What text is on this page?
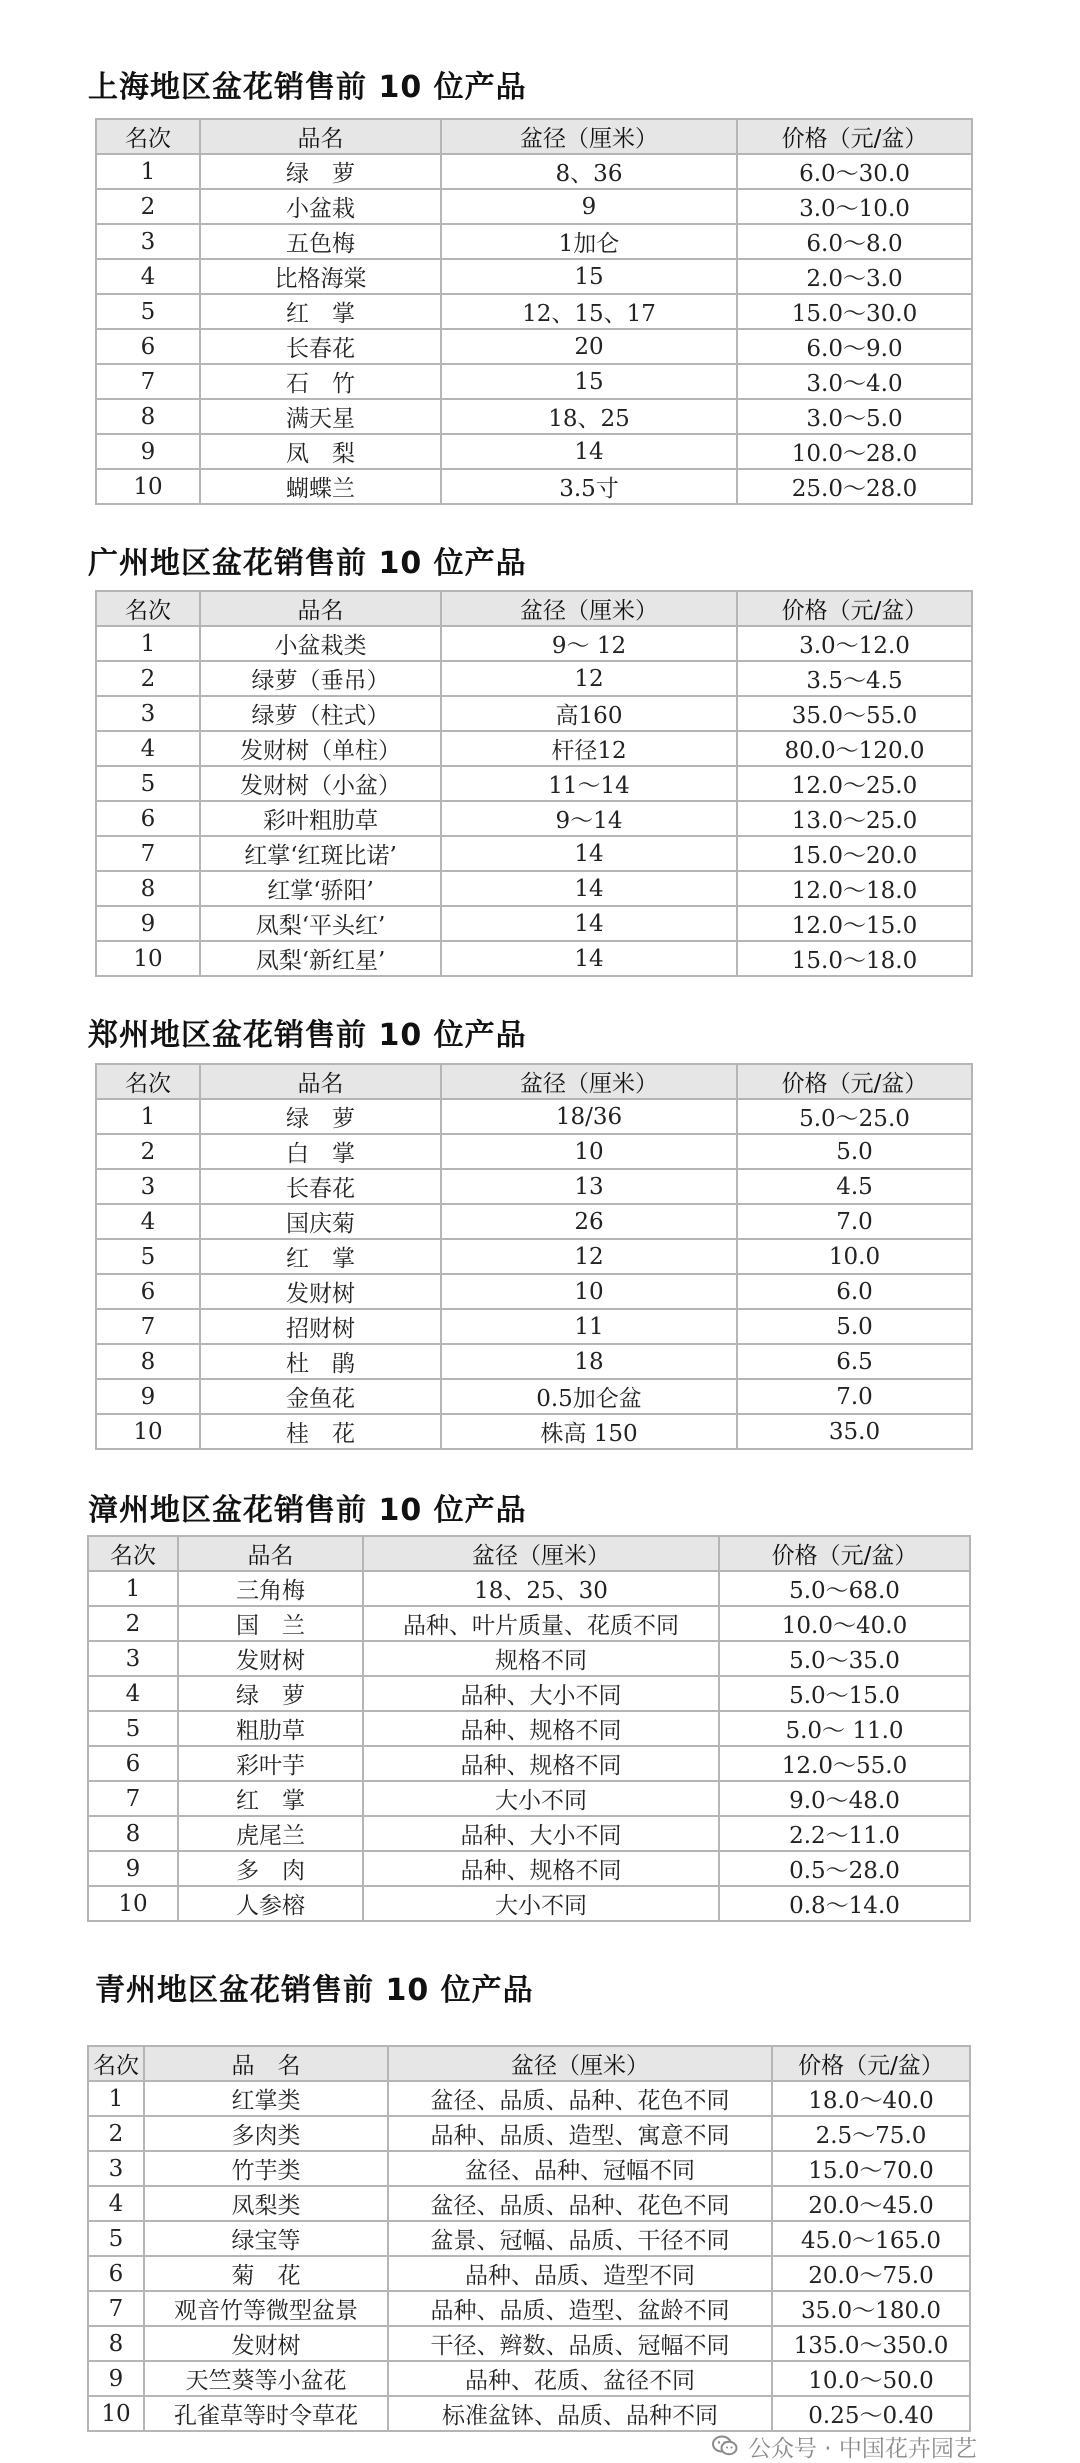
上海地区盆花销售前 10 位产品
名次	品名	盆径（厘米）	价格（元/盆）
1	绿　萝	8、36	6.0～30.0
2	小盆栽	9	3.0～10.0
3	五色梅	1加仑	6.0～8.0
4	比格海棠	15	2.0～3.0
5	红　掌	12、15、17	15.0～30.0
6	长春花	20	6.0～9.0
7	石　竹	15	3.0～4.0
8	满天星	18、25	3.0～5.0
9	凤　梨	14	10.0～28.0
10	蝴蝶兰	3.5寸	25.0～28.0
广州地区盆花销售前 10 位产品
名次	品名	盆径（厘米）	价格（元/盆）
1	小盆栽类	9～ 12	3.0～12.0
2	绿萝（垂吊）	12	3.5～4.5
3	绿萝（柱式）	高160	35.0～55.0
4	发财树（单柱）	杆径12	80.0～120.0
5	发财树（小盆）	11～14	12.0～25.0
6	彩叶粗肋草	9～14	13.0～25.0
7	红掌‘红斑比诺’	14	15.0～20.0
8	红掌‘骄阳’	14	12.0～18.0
9	凤梨‘平头红’	14	12.0～15.0
10	凤梨‘新红星’	14	15.0～18.0
郑州地区盆花销售前 10 位产品
名次	品名	盆径（厘米）	价格（元/盆）
1	绿　萝	18/36	5.0～25.0
2	白　掌	10	5.0
3	长春花	13	4.5
4	国庆菊	26	7.0
5	红　掌	12	10.0
6	发财树	10	6.0
7	招财树	11	5.0
8	杜　鹃	18	6.5
9	金鱼花	0.5加仑盆	7.0
10	桂　花	株高 150	35.0
漳州地区盆花销售前 10 位产品
名次	品名	盆径（厘米）	价格（元/盆）
1	三角梅	18、25、30	5.0～68.0
2	国　兰	品种、叶片质量、花质不同	10.0～40.0
3	发财树	规格不同	5.0～35.0
4	绿　萝	品种、大小不同	5.0～15.0
5	粗肋草	品种、规格不同	5.0～ 11.0
6	彩叶芋	品种、规格不同	12.0～55.0
7	红　掌	大小不同	9.0～48.0
8	虎尾兰	品种、大小不同	2.2～11.0
9	多　肉	品种、规格不同	0.5～28.0
10	人参榕	大小不同	0.8～14.0
青州地区盆花销售前 10 位产品
名次	品　名	盆径（厘米）	价格（元/盆）
1	红掌类	盆径、品质、品种、花色不同	18.0～40.0
2	多肉类	品种、品质、造型、寓意不同	2.5～75.0
3	竹芋类	盆径、品种、冠幅不同	15.0～70.0
4	凤梨类	盆径、品质、品种、花色不同	20.0～45.0
5	绿宝等	盆景、冠幅、品质、干径不同	45.0～165.0
6	菊　花	品种、品质、造型不同	20.0～75.0
7	观音竹等微型盆景	品种、品质、造型、盆龄不同	35.0～180.0
8	发财树	干径、辫数、品质、冠幅不同	135.0～350.0
9	天竺葵等小盆花	品种、花质、盆径不同	10.0～50.0
10	孔雀草等时令草花	标准盆钵、品质、品种不同	0.25～0.40
公众号 · 中国花卉园艺
